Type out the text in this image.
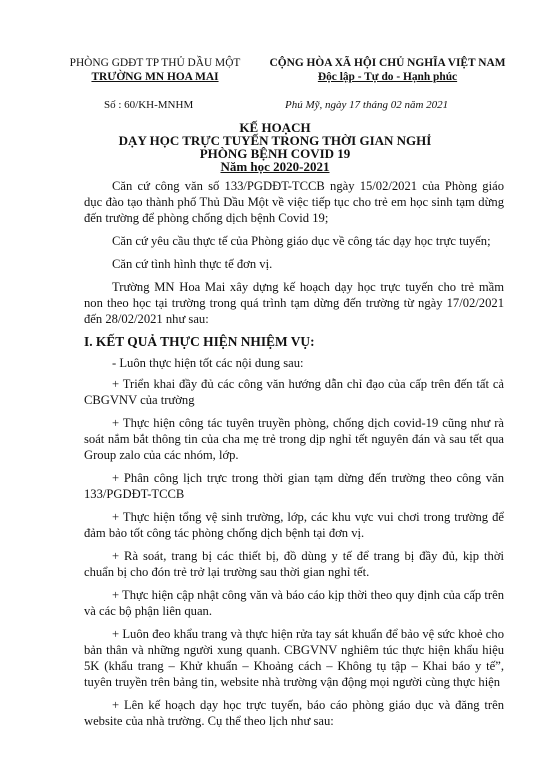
PHÒNG GDĐT TP THỦ DẦU MỘT
TRƯỜNG MN HOA MAI
CỘNG HÒA XÃ HỘI CHỦ NGHĨA VIỆT NAM
Độc lập - Tự do - Hạnh phúc
Số : 60/KH-MNHM	Phú Mỹ, ngày 17 tháng 02 năm 2021
KẾ HOẠCH
DẠY HỌC TRỰC TUYẾN TRONG THỜI GIAN NGHỈ
PHÒNG BỆNH COVID 19
Năm học 2020-2021

Căn cứ công văn số 133/PGDĐT-TCCB ngày 15/02/2021 của Phòng giáo dục đào tạo thành phố Thủ Dầu Một về việc tiếp tục cho trẻ em học sinh tạm dừng đến trường để phòng chống dịch bệnh Covid 19;

Căn cứ yêu cầu thực tế của Phòng giáo dục về công tác dạy học trực tuyến;

Căn cứ tình hình thực tế đơn vị.

Trường MN Hoa Mai xây dựng kế hoạch dạy học trực tuyến cho trẻ mầm non theo học tại trường trong quá trình tạm dừng đến trường từ ngày 17/02/2021 đến 28/02/2021 như sau:

I. KẾT QUẢ THỰC HIỆN NHIỆM VỤ:

- Luôn thực hiện tốt các nội dung sau:

+ Triển khai đầy đủ các công văn hướng dẫn chỉ đạo của cấp trên đến tất cả CBGVNV của trường

+ Thực hiện công tác tuyên truyền phòng, chống dịch covid-19 cũng như rà soát nắm bắt thông tin của cha mẹ trẻ trong dịp nghỉ tết nguyên đán và sau tết qua Group zalo của các nhóm, lớp.

+ Phân công lịch trực trong thời gian tạm dừng đến trường theo công văn 133/PGDĐT-TCCB

+ Thực hiện tổng vệ sinh trường, lớp, các khu vực vui chơi trong trường để đảm bảo tốt công tác phòng chống dịch bệnh tại đơn vị.

+ Rà soát, trang bị các thiết bị, đồ dùng y tế để trang bị đầy đủ, kịp thời chuẩn bị cho đón trẻ trở lại trường sau thời gian nghỉ tết.

+ Thực hiện cập nhật công văn và báo cáo kịp thời theo quy định của cấp trên và các bộ phận liên quan.

+ Luôn đeo khẩu trang và thực hiện rửa tay sát khuẩn để bảo vệ sức khoẻ cho bản thân và những người xung quanh. CBGVNV nghiêm túc thực hiện khẩu hiệu 5K (khẩu trang – Khử khuẩn – Khoảng cách – Không tụ tập – Khai báo y tế”, tuyên truyền trên bảng tin, website nhà trường vận động mọi người cùng thực hiện

+ Lên kế hoạch dạy học trực tuyến, báo cáo phòng giáo dục và đăng trên website của nhà trường. Cụ thể theo lịch như sau:
